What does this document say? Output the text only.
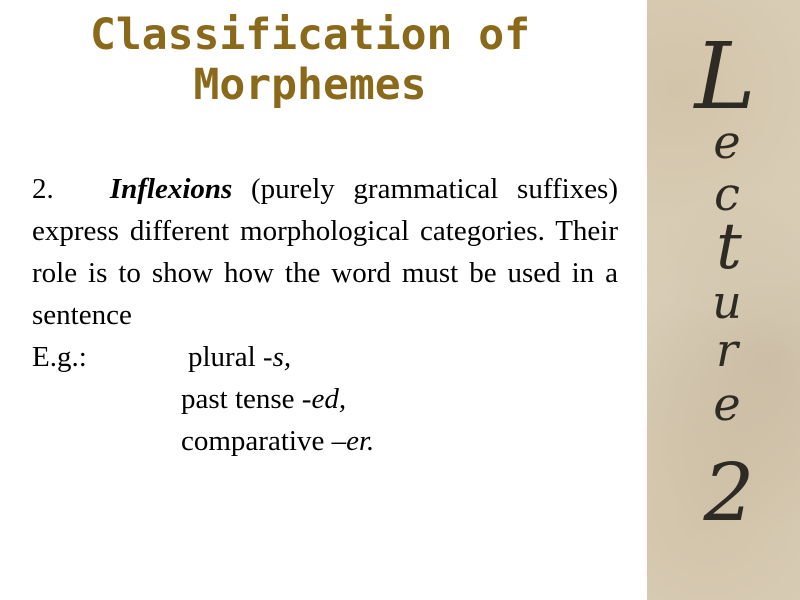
Classification of
Morphemes

2. Inflexions (purely grammatical suffixes) express different morphological categories. Their role is to show how the word must be used in a sentence

E.g.:	plural -s,
past tense -ed,
comparative –er.
L
e
c
t
u
r
e
2
